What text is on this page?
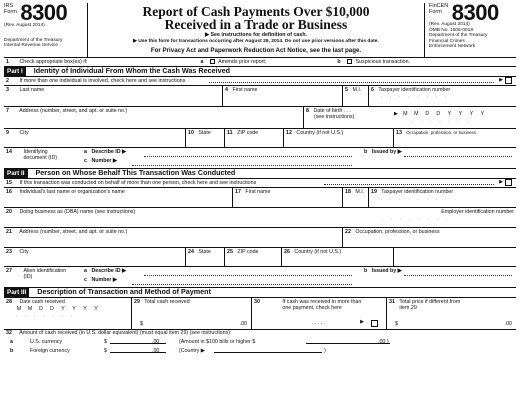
IRS
Form 8300
(Rev. August 2014)
Department of the Treasury
Internal Revenue Service
Report of Cash Payments Over $10,000
Received in a Trade or Business
▶ See instructions for definition of cash.
▶ Use this form for transactions occurring after August 29, 2014. Do not use prior versions after this date.
For Privacy Act and Paperwork Reduction Act Notice, see the last page.
FinCEN
Form 8300
(Rev. August 2014)
OMB No. 1506-0018
Department of the Treasury
Financial Crimes
Enforcement Network
1 Check appropriate box(es) if:	a	Amends prior report;	b	Suspicious transaction.
Part I	Identity of Individual From Whom the Cash Was Received
2 If more than one individual is involved, check here and see instructions	▶
3 Last name	4 First name	5 M.I.	6 Taxpayer identification number
: : : : : : : :
7 Address (number, street, and apt. or suite no.)	8 Date of birth . . .
(see instructions)
▶ M M D D Y Y Y Y
: : : : : : :
9 City	10 State	11 ZIP code	12 Country (if not U.S.)	13 Occupation, profession, or business
14 Identifying document (ID)
a Describe ID ▶
c Number ▶
b Issued by ▶
Part II	Person on Whose Behalf This Transaction Was Conducted
15 If this transaction was conducted on behalf of more than one person, check here and see instructions	▶
16 Individual's last name or organization's name	17 First name	18 M.I.	19 Taxpayer identification number
: : : : : : : :
20 Doing business as (DBA) name (see instructions)	Employer identification number
: : : : : : : :
21 Address (number, street, and apt. or suite no.)	22 Occupation, profession, or business
23 City	24 State	25 ZIP code	26 Country (if not U.S.)
27 Alien identification (ID)
a Describe ID ▶
c Number ▶
b Issued by ▶
Part III	Description of Transaction and Method of Payment
28 Date cash received
M M D D Y Y Y Y
: : : : : : :
29 Total cash received
$	.00
30	If cash was received in more than one payment, check here
. . . . .	▶
31 Total price if different from item 29
$	.00
32 Amount of cash received (in U.S. dollar equivalent) (must equal item 29) (see instructions):
a	U.S. currency	$	.00	(Amount in $100 bills or higher $	.00 )
b	Foreign currency	$	.00	(Country ▶	)
